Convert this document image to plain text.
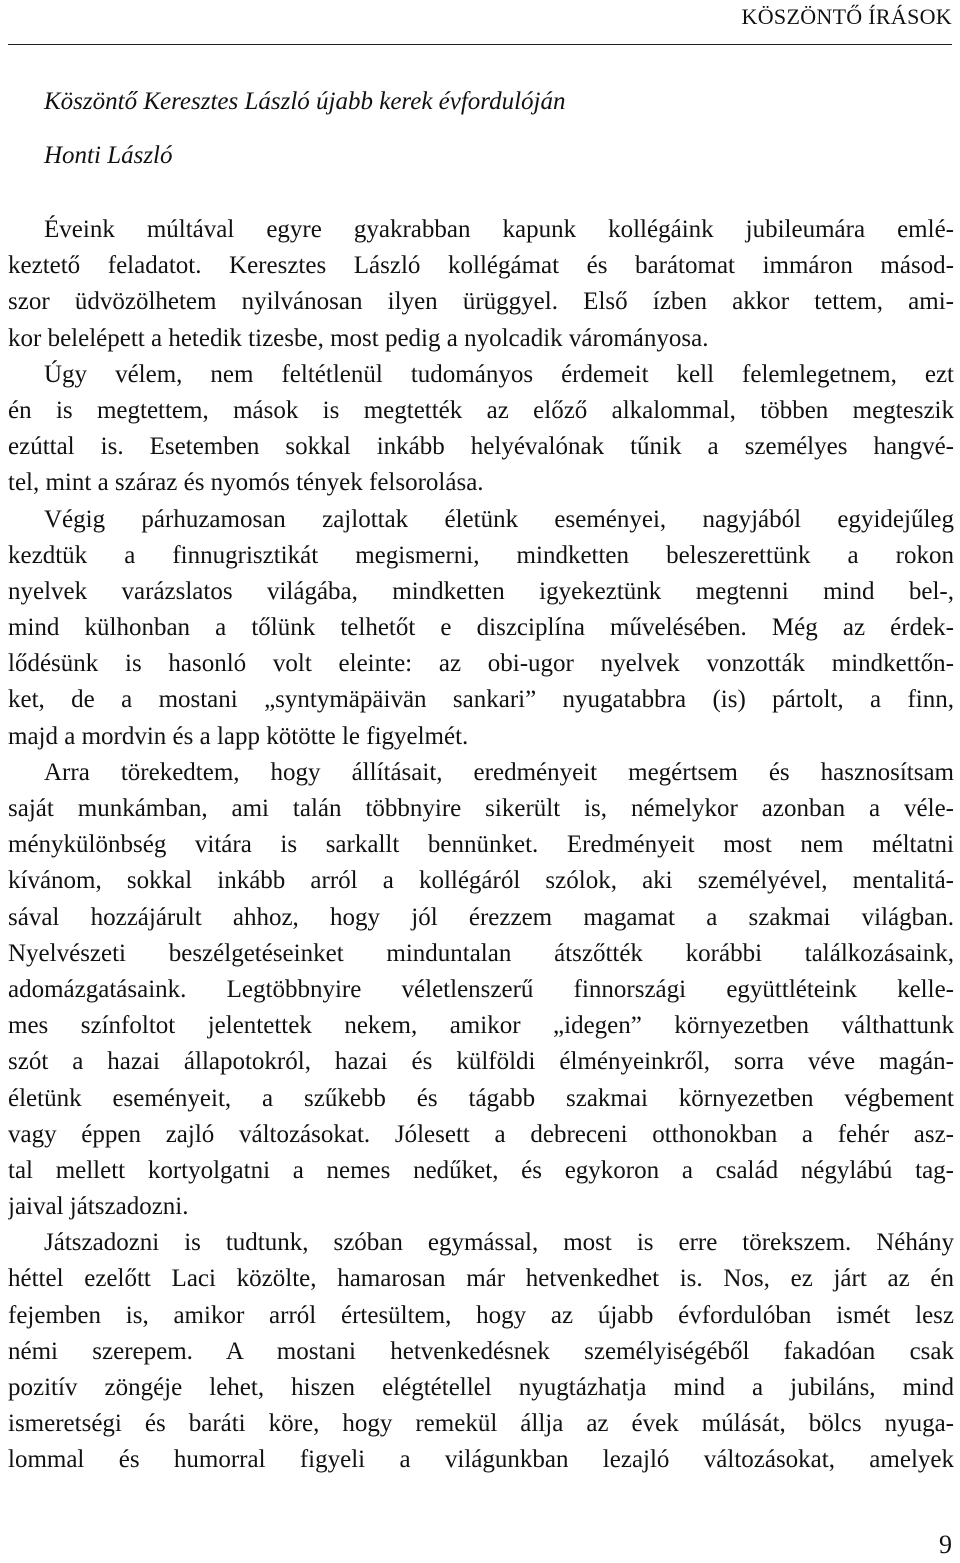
KÖSZÖNTŐ ÍRÁSOK
Köszöntő Keresztes László újabb kerek évfordulóján

Honti László

Éveink múltával egyre gyakrabban kapunk kollégáink jubileumára emlé-
keztető feladatot. Keresztes László kollégámat és barátomat immáron másod-
szor üdvözölhetem nyilvánosan ilyen ürüggyel. Első ízben akkor tettem, ami-
kor belelépett a hetedik tizesbe, most pedig a nyolcadik várományosa.

Úgy vélem, nem feltétlenül tudományos érdemeit kell felemlegetnem, ezt
én is megtettem, mások is megtették az előző alkalommal, többen megteszik
ezúttal is. Esetemben sokkal inkább helyévalónak tűnik a személyes hangvé-
tel, mint a száraz és nyomós tények felsorolása.

Végig párhuzamosan zajlottak életünk eseményei, nagyjából egyidejűleg
kezdtük a finnugrisztikát megismerni, mindketten beleszerettünk a rokon
nyelvek varázslatos világába, mindketten igyekeztünk megtenni mind bel-,
mind külhonban a tőlünk telhetőt e diszciplína művelésében. Még az érdek-
lődésünk is hasonló volt eleinte: az obi-ugor nyelvek vonzották mindkettőn-
ket, de a mostani „syntymäpäivän sankari” nyugatabbra (is) pártolt, a finn,
majd a mordvin és a lapp kötötte le figyelmét.

Arra törekedtem, hogy állításait, eredményeit megértsem és hasznosítsam
saját munkámban, ami talán többnyire sikerült is, némelykor azonban a véle-
ménykülönbség vitára is sarkallt bennünket. Eredményeit most nem méltatni
kívánom, sokkal inkább arról a kollégáról szólok, aki személyével, mentalitá-
sával hozzájárult ahhoz, hogy jól érezzem magamat a szakmai világban.
Nyelvészeti beszélgetéseinket minduntalan átszőtték korábbi találkozásaink,
adomázgatásaink. Legtöbbnyire véletlenszerű finnországi együttléteink kelle-
mes színfoltot jelentettek nekem, amikor „idegen” környezetben válthattunk
szót a hazai állapotokról, hazai és külföldi élményeinkről, sorra véve magán-
életünk eseményeit, a szűkebb és tágabb szakmai környezetben végbement
vagy éppen zajló változásokat. Jólesett a debreceni otthonokban a fehér asz-
tal mellett kortyolgatni a nemes nedűket, és egykoron a család négylábú tag-
jaival játszadozni.

Játszadozni is tudtunk, szóban egymással, most is erre törekszem. Néhány
héttel ezelőtt Laci közölte, hamarosan már hetvenkedhet is. Nos, ez járt az én
fejemben is, amikor arról értesültem, hogy az újabb évfordulóban ismét lesz
némi szerepem. A mostani hetvenkedésnek személyiségéből fakadóan csak
pozitív zöngéje lehet, hiszen elégtétellel nyugtázhatja mind a jubiláns, mind
ismeretségi és baráti köre, hogy remekül állja az évek múlását, bölcs nyuga-
lommal és humorral figyeli a világunkban lezajló változásokat, amelyek

9
